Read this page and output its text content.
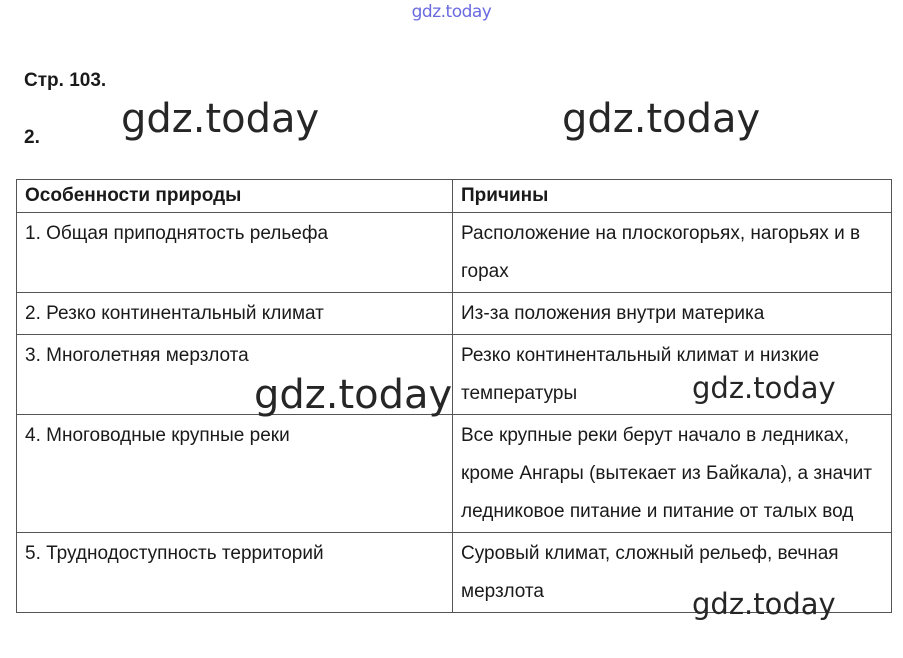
gdz.today
Стр. 103.
2. gdz.today	gdz.today
gdz.today	gdz.today
gdz.today
Особенности природы	Причины
1. Общая приподнятость рельефа	Расположение на плоскогорьях, нагорьях и в горах
2. Резко континентальный климат	Из-за положения внутри материка
3. Многолетняя мерзлота	Резко континентальный климат и низкие температуры
4. Многоводные крупные реки	Все крупные реки берут начало в ледниках, кроме Ангары (вытекает из Байкала), а значит ледниковое питание и питание от талых вод
5. Труднодоступность территорий	Суровый климат, сложный рельеф, вечная мерзлота
